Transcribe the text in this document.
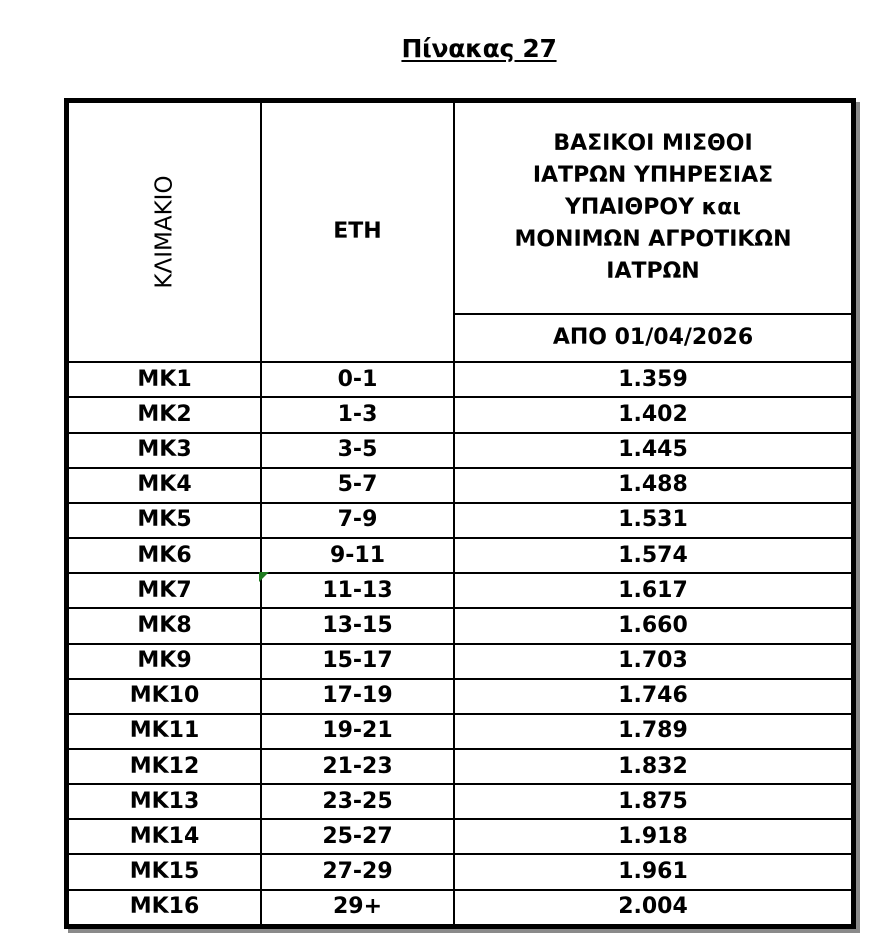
Πίνακας 27
ΚΛΙΜΑΚΙΟ	ΕΤΗ	ΒΑΣΙΚΟΙ ΜΙΣΘΟΙ
ΙΑΤΡΩΝ ΥΠΗΡΕΣΙΑΣ
ΥΠΑΙΘΡΟΥ και
ΜΟΝΙΜΩΝ ΑΓΡΟΤΙΚΩΝ
ΙΑΤΡΩΝ

		ΑΠΟ 01/04/2026
ΜΚ1	0-1	1.359
ΜΚ2	1-3	1.402
ΜΚ3	3-5	1.445
ΜΚ4	5-7	1.488
ΜΚ5	7-9	1.531
ΜΚ6	9-11	1.574
ΜΚ7	11-13	1.617
ΜΚ8	13-15	1.660
ΜΚ9	15-17	1.703
ΜΚ10	17-19	1.746
ΜΚ11	19-21	1.789
ΜΚ12	21-23	1.832
ΜΚ13	23-25	1.875
ΜΚ14	25-27	1.918
ΜΚ15	27-29	1.961
ΜΚ16	29+	2.004
